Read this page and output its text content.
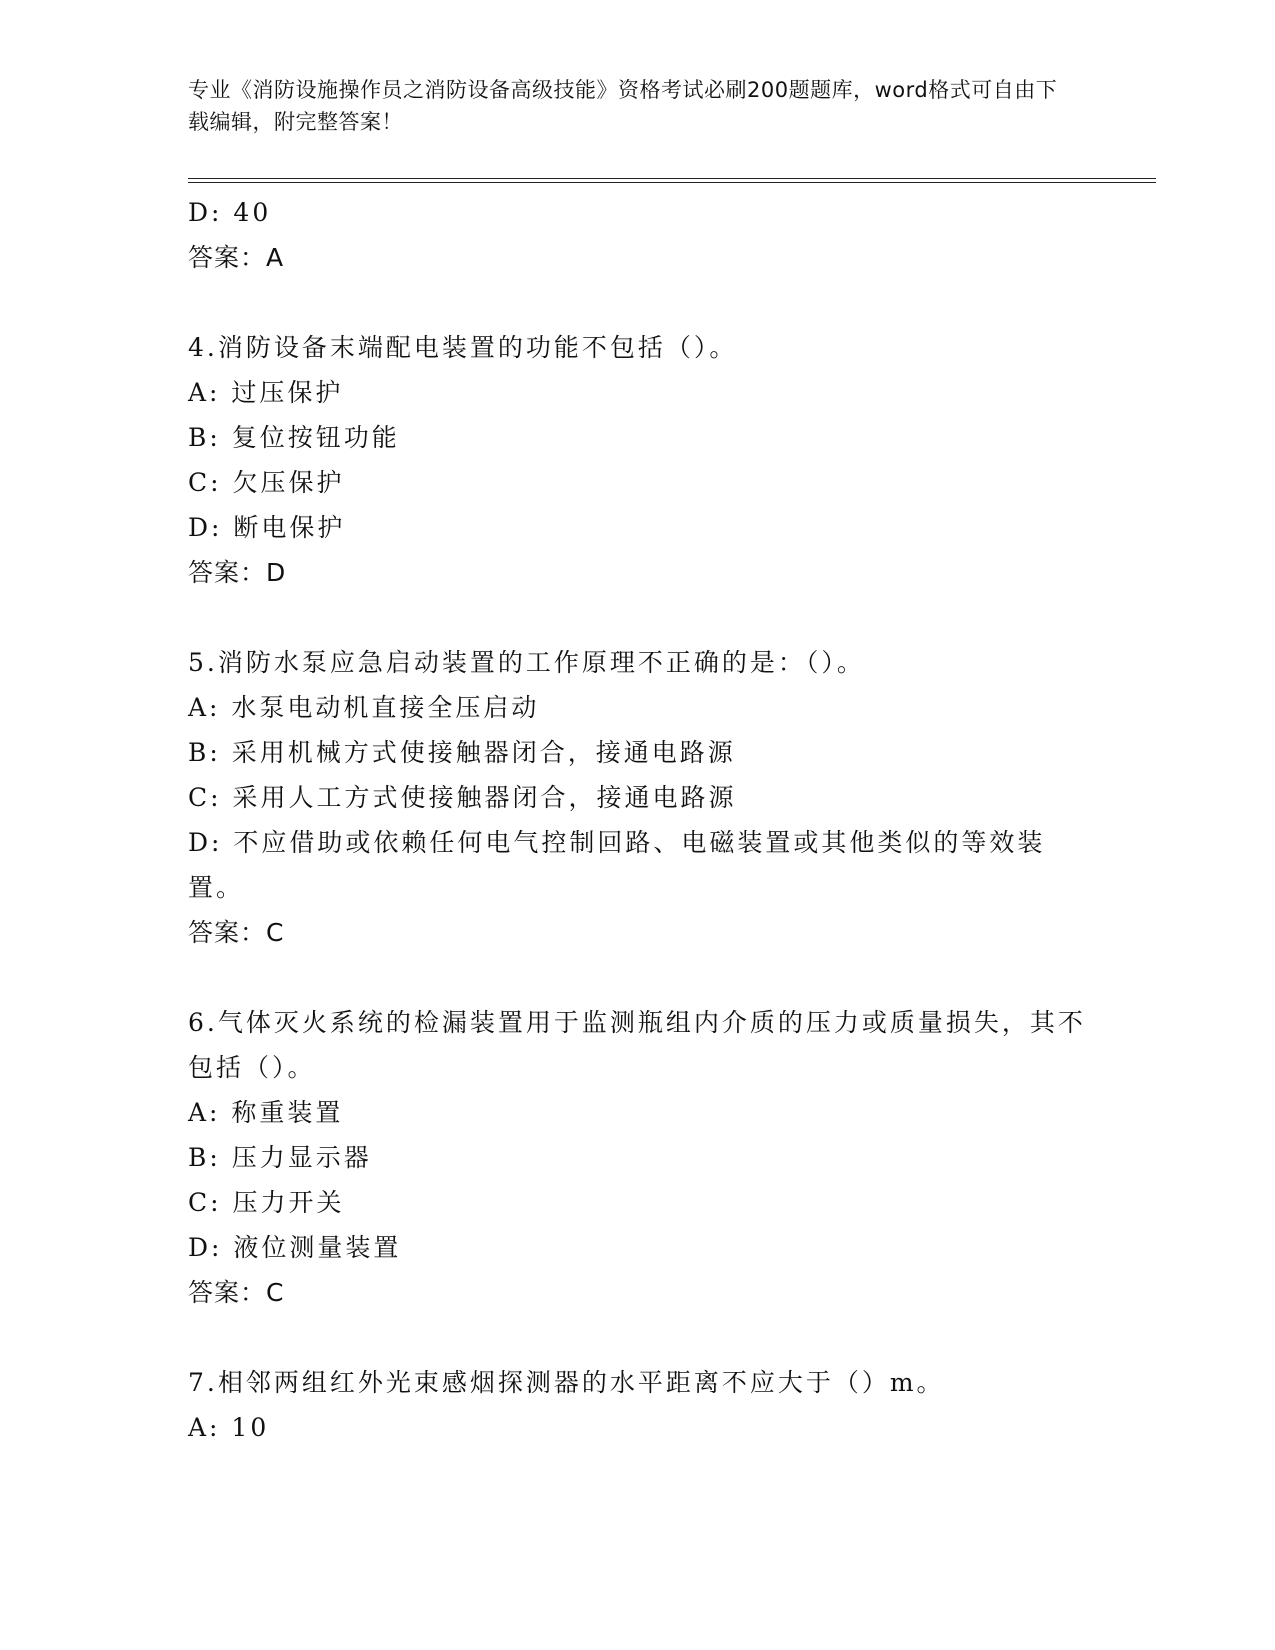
专业《消防设施操作员之消防设备高级技能》资格考试必刷200题题库，word格式可自由下载编辑，附完整答案！
D: 40
答案：A
4.消防设备末端配电装置的功能不包括（）。
A: 过压保护
B: 复位按钮功能
C: 欠压保护
D: 断电保护
答案：D
5.消防水泵应急启动装置的工作原理不正确的是：（）。
A: 水泵电动机直接全压启动
B: 采用机械方式使接触器闭合，接通电路源
C: 采用人工方式使接触器闭合，接通电路源
D: 不应借助或依赖任何电气控制回路、电磁装置或其他类似的等效装置。
答案：C
6.气体灭火系统的检漏装置用于监测瓶组内介质的压力或质量损失，其不包括（）。
A: 称重装置
B: 压力显示器
C: 压力开关
D: 液位测量装置
答案：C
7.相邻两组红外光束感烟探测器的水平距离不应大于（）m。
A: 10
